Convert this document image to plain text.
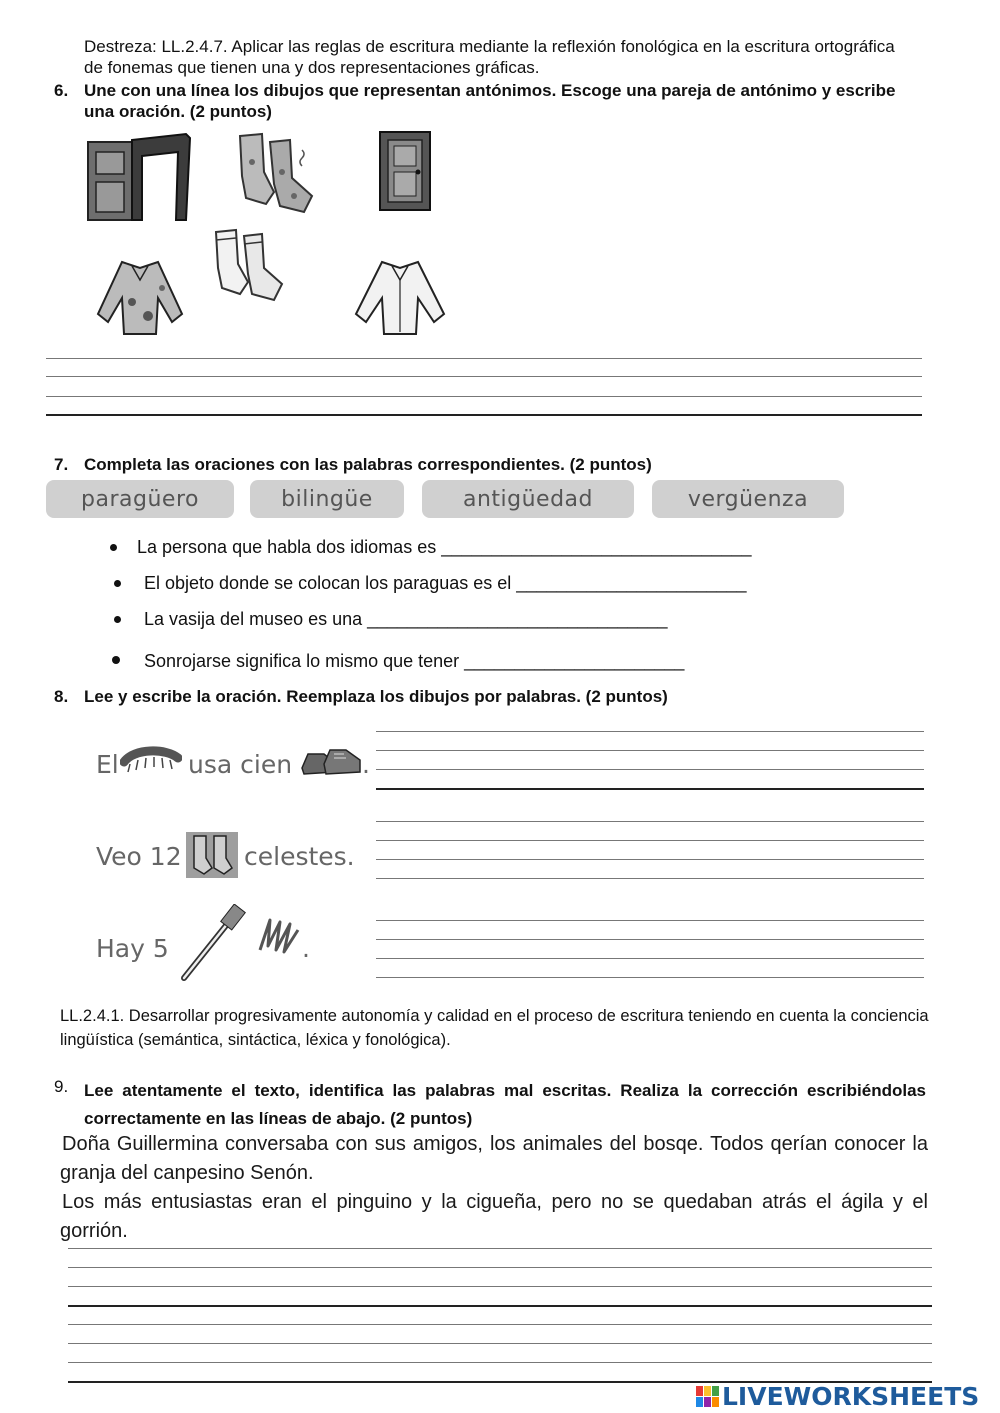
Destreza: LL.2.4.7. Aplicar las reglas de escritura mediante la reflexión fonológica en la escritura ortográfica de fonemas que tienen una y dos representaciones gráficas.
6. Une con una línea los dibujos que representan antónimos. Escoge una pareja de antónimo y escribe una oración. (2 puntos)
7. Completa las oraciones con las palabras correspondientes. (2 puntos)
paragüero	bilingüe	antigüedad	vergüenza
La persona que habla dos idiomas es _______________________________
El objeto donde se colocan los paraguas es el _______________________
La vasija del museo es una ______________________________
Sonrojarse significa lo mismo que tener ______________________
8. Lee y escribe la oración. Reemplaza los dibujos por palabras. (2 puntos)
El	usa cien	.
Veo 12 celestes.
Hay 5	.
LL.2.4.1. Desarrollar progresivamente autonomía y calidad en el proceso de escritura teniendo en cuenta la conciencia lingüística (semántica, sintáctica, léxica y fonológica).
9. Lee atentamente el texto, identifica las palabras mal escritas. Realiza la corrección escribiéndolas correctamente en las líneas de abajo. (2 puntos)
Doña Guillermina conversaba con sus amigos, los animales del bosqe. Todos qerían conocer la granja del canpesino Senón.
Los más entusiastas eran el pinguino y la cigueña, pero no se quedaban atrás el ágila y el gorrión.
LIVEWORKSHEETS
